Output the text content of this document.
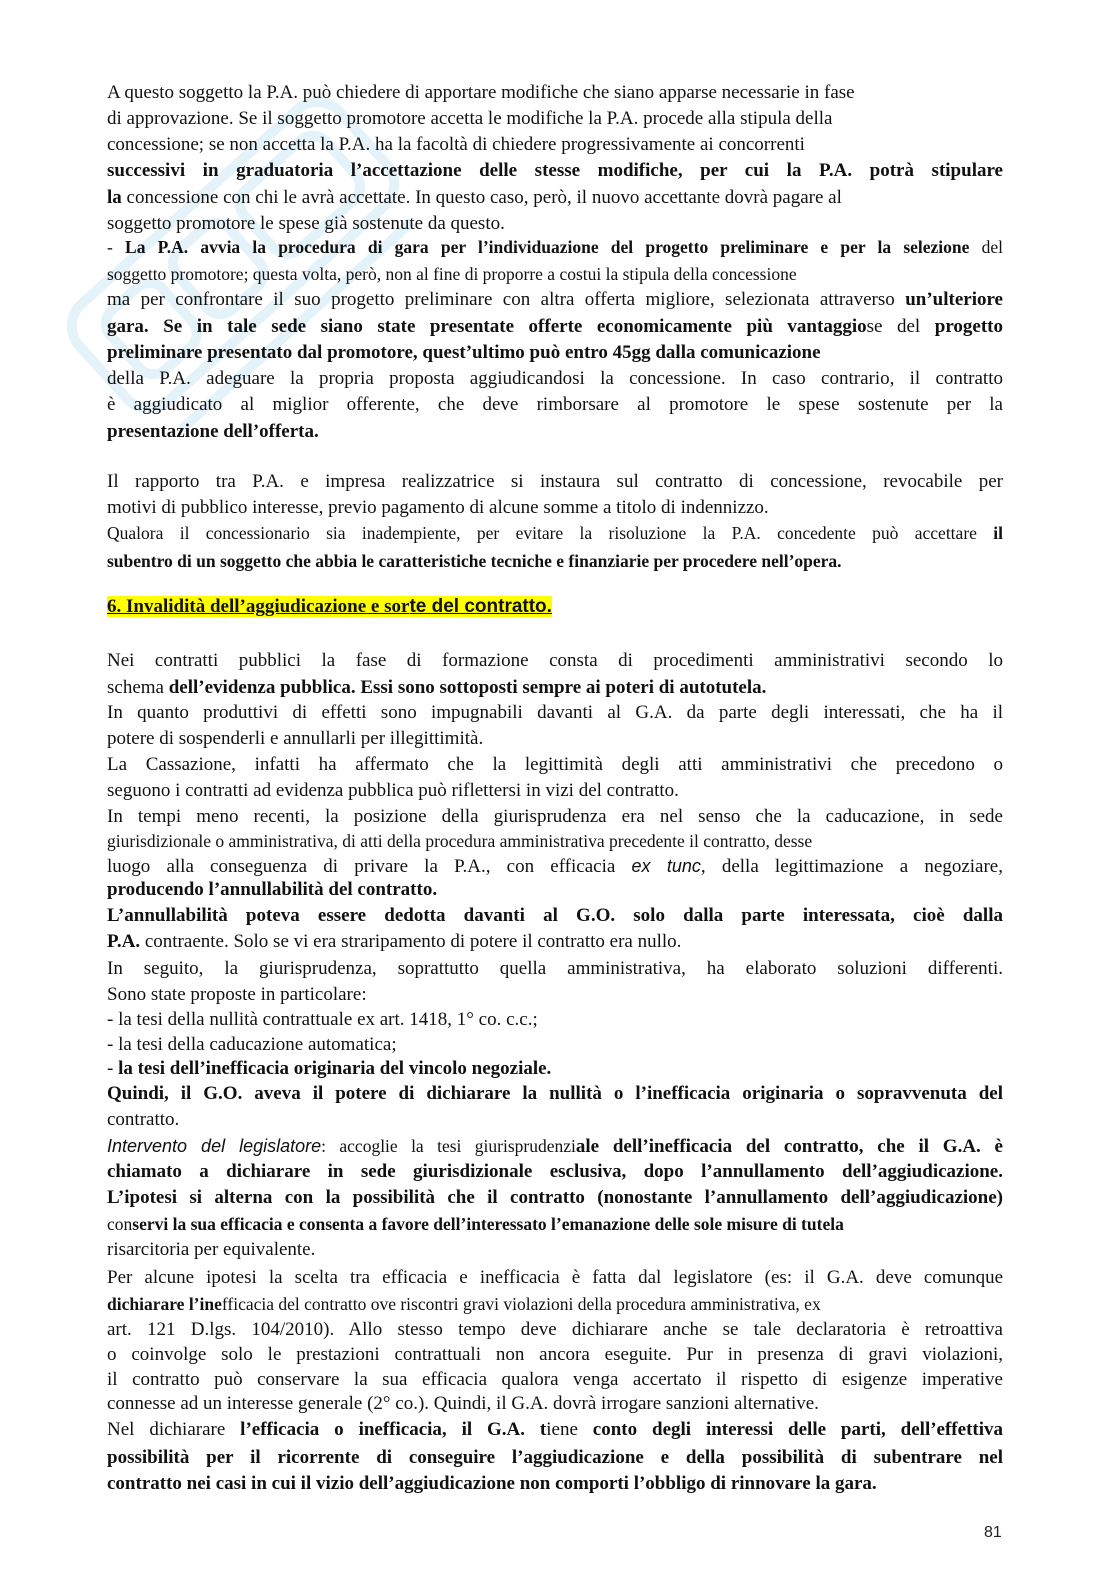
A questo soggetto la P.A. può chiedere di apportare modifiche che siano apparse necessarie in fase
di approvazione. Se il soggetto promotore accetta le modifiche la P.A. procede alla stipula della
concessione; se non accetta la P.A. ha la facoltà di chiedere progressivamente ai concorrenti
successivi in graduatoria l’accettazione delle stesse modifiche, per cui la P.A. potrà stipulare
la concessione con chi le avrà accettate. In questo caso, però, il nuovo accettante dovrà pagare al
soggetto promotore le spese già sostenute da questo.
- La P.A. avvia la procedura di gara per l’individuazione del progetto preliminare e per la selezione del
soggetto promotore; questa volta, però, non al fine di proporre a costui la stipula della concessione
ma per confrontare il suo progetto preliminare con altra offerta migliore, selezionata attraverso un’ulteriore
gara. Se in tale sede siano state presentate offerte economicamente più vantaggiose del progetto
preliminare presentato dal promotore, quest’ultimo può entro 45gg dalla comunicazione
della P.A. adeguare la propria proposta aggiudicandosi la concessione. In caso contrario, il contratto
è aggiudicato al miglior offerente, che deve rimborsare al promotore le spese sostenute per la
presentazione dell’offerta.
Il rapporto tra P.A. e impresa realizzatrice si instaura sul contratto di concessione, revocabile per
motivi di pubblico interesse, previo pagamento di alcune somme a titolo di indennizzo.
Qualora il concessionario sia inadempiente, per evitare la risoluzione la P.A. concedente può accettare il
subentro di un soggetto che abbia le caratteristiche tecniche e finanziarie per procedere nell’opera.
6. Invalidità dell’aggiudicazione e sorte del contratto.
Nei contratti pubblici la fase di formazione consta di procedimenti amministrativi secondo lo
schema dell’evidenza pubblica. Essi sono sottoposti sempre ai poteri di autotutela.
In quanto produttivi di effetti sono impugnabili davanti al G.A. da parte degli interessati, che ha il
potere di sospenderli e annullarli per illegittimità.
La Cassazione, infatti ha affermato che la legittimità degli atti amministrativi che precedono o
seguono i contratti ad evidenza pubblica può riflettersi in vizi del contratto.
In tempi meno recenti, la posizione della giurisprudenza era nel senso che la caducazione, in sede
giurisdizionale o amministrativa, di atti della procedura amministrativa precedente il contratto, desse
luogo alla conseguenza di privare la P.A., con efficacia ex tunc, della legittimazione a negoziare,
producendo l’annullabilità del contratto.
L’annullabilità poteva essere dedotta davanti al G.O. solo dalla parte interessata, cioè dalla
P.A. contraente. Solo se vi era straripamento di potere il contratto era nullo.
In seguito, la giurisprudenza, soprattutto quella amministrativa, ha elaborato soluzioni differenti.
Sono state proposte in particolare:
- la tesi della nullità contrattuale ex art. 1418, 1° co. c.c.;
- la tesi della caducazione automatica;
- la tesi dell’inefficacia originaria del vincolo negoziale.
Quindi, il G.O. aveva il potere di dichiarare la nullità o l’inefficacia originaria o sopravvenuta del
contratto.
Intervento del legislatore: accoglie la tesi giurisprudenziale dell’inefficacia del contratto, che il G.A. è
chiamato a dichiarare in sede giurisdizionale esclusiva, dopo l’annullamento dell’aggiudicazione.
L’ipotesi si alterna con la possibilità che il contratto (nonostante l’annullamento dell’aggiudicazione)
conservi la sua efficacia e consenta a favore dell’interessato l’emanazione delle sole misure di tutela
risarcitoria per equivalente.
Per alcune ipotesi la scelta tra efficacia e inefficacia è fatta dal legislatore (es: il G.A. deve comunque
dichiarare l’inefficacia del contratto ove riscontri gravi violazioni della procedura amministrativa, ex
art. 121 D.lgs. 104/2010). Allo stesso tempo deve dichiarare anche se tale declaratoria è retroattiva
o coinvolge solo le prestazioni contrattuali non ancora eseguite. Pur in presenza di gravi violazioni,
il contratto può conservare la sua efficacia qualora venga accertato il rispetto di esigenze imperative
connesse ad un interesse generale (2° co.). Quindi, il G.A. dovrà irrogare sanzioni alternative.
Nel dichiarare l’efficacia o inefficacia, il G.A. tiene conto degli interessi delle parti, dell’effettiva
possibilità per il ricorrente di conseguire l’aggiudicazione e della possibilità di subentrare nel
contratto nei casi in cui il vizio dell’aggiudicazione non comporti l’obbligo di rinnovare la gara.
81
